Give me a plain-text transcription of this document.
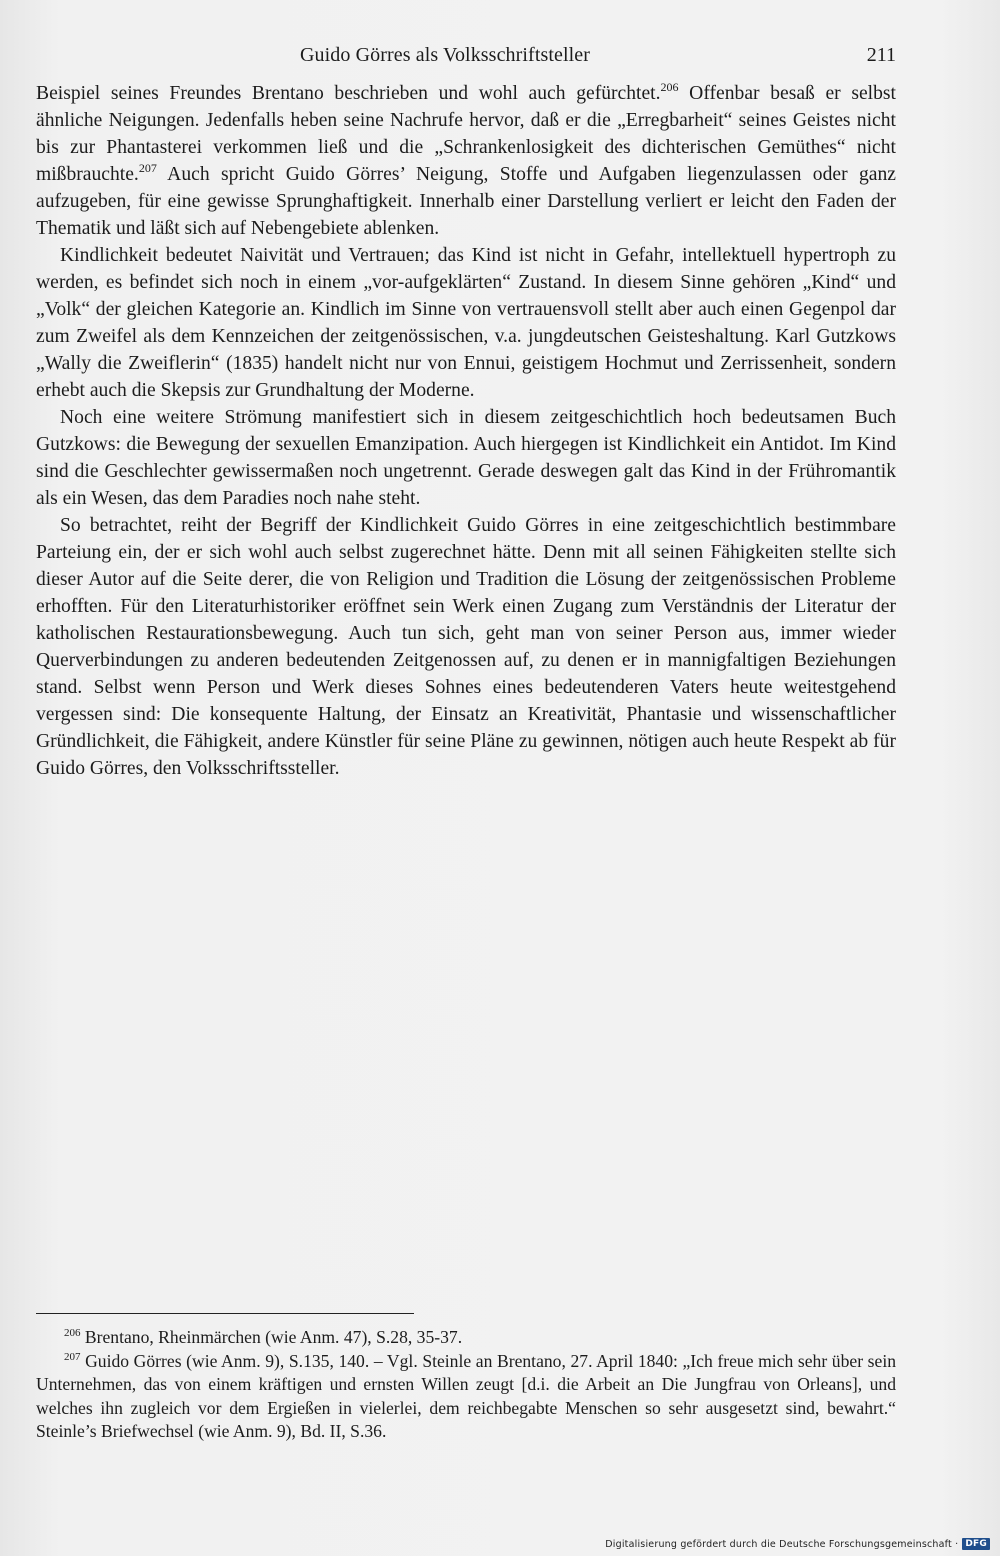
Guido Görres als Volksschriftsteller	211

Beispiel seines Freundes Brentano beschrieben und wohl auch gefürchtet.$^{206}$ Offenbar besaß er selbst ähnliche Neigungen. Jedenfalls heben seine Nachrufe hervor, daß er die „Erregbarheit“ seines Geistes nicht bis zur Phantasterei verkommen ließ und die „Schrankenlosigkeit des dichterischen Gemüthes“ nicht mißbrauchte.$^{207}$ Auch spricht Guido Görres’ Neigung, Stoffe und Aufgaben liegenzulassen oder ganz aufzugeben, für eine gewisse Sprunghaftigkeit. Innerhalb einer Darstellung verliert er leicht den Faden der Thematik und läßt sich auf Nebengebiete ablenken.

Kindlichkeit bedeutet Naivität und Vertrauen; das Kind ist nicht in Gefahr, intellektuell hypertroph zu werden, es befindet sich noch in einem „vor-aufgeklärten“ Zustand. In diesem Sinne gehören „Kind“ und „Volk“ der gleichen Kategorie an. Kindlich im Sinne von vertrauensvoll stellt aber auch einen Gegenpol dar zum Zweifel als dem Kennzeichen der zeitgenössischen, v.a. jungdeutschen Geisteshaltung. Karl Gutzkows „Wally die Zweiflerin“ (1835) handelt nicht nur von Ennui, geistigem Hochmut und Zerrissenheit, sondern erhebt auch die Skepsis zur Grundhaltung der Moderne.

Noch eine weitere Strömung manifestiert sich in diesem zeitgeschichtlich hoch bedeutsamen Buch Gutzkows: die Bewegung der sexuellen Emanzipation. Auch hiergegen ist Kindlichkeit ein Antidot. Im Kind sind die Geschlechter gewissermaßen noch ungetrennt. Gerade deswegen galt das Kind in der Frühromantik als ein Wesen, das dem Paradies noch nahe steht.

So betrachtet, reiht der Begriff der Kindlichkeit Guido Görres in eine zeitgeschichtlich bestimmbare Parteiung ein, der er sich wohl auch selbst zugerechnet hätte. Denn mit all seinen Fähigkeiten stellte sich dieser Autor auf die Seite derer, die von Religion und Tradition die Lösung der zeitgenössischen Probleme erhofften. Für den Literaturhistoriker eröffnet sein Werk einen Zugang zum Verständnis der Literatur der katholischen Restaurationsbewegung. Auch tun sich, geht man von seiner Person aus, immer wieder Querverbindungen zu anderen bedeutenden Zeitgenossen auf, zu denen er in mannigfaltigen Beziehungen stand. Selbst wenn Person und Werk dieses Sohnes eines bedeutenderen Vaters heute weitestgehend vergessen sind: Die konsequente Haltung, der Einsatz an Kreativität, Phantasie und wissenschaftlicher Gründlichkeit, die Fähigkeit, andere Künstler für seine Pläne zu gewinnen, nötigen auch heute Respekt ab für Guido Görres, den Volksschriftssteller.

$^{206}$ Brentano, Rheinmärchen (wie Anm. 47), S.28, 35-37.

$^{207}$ Guido Görres (wie Anm. 9), S.135, 140. – Vgl. Steinle an Brentano, 27. April 1840: „Ich freue mich sehr über sein Unternehmen, das von einem kräftigen und ernsten Willen zeugt [d.i. die Arbeit an Die Jungfrau von Orleans], und welches ihn zugleich vor dem Ergießen in vielerlei, dem reichbegabte Menschen so sehr ausgesetzt sind, bewahrt.“ Steinle’s Briefwechsel (wie Anm. 9), Bd. II, S.36.

Digitalisierung gefördert durch die Deutsche Forschungsgemeinschaft · DFG
